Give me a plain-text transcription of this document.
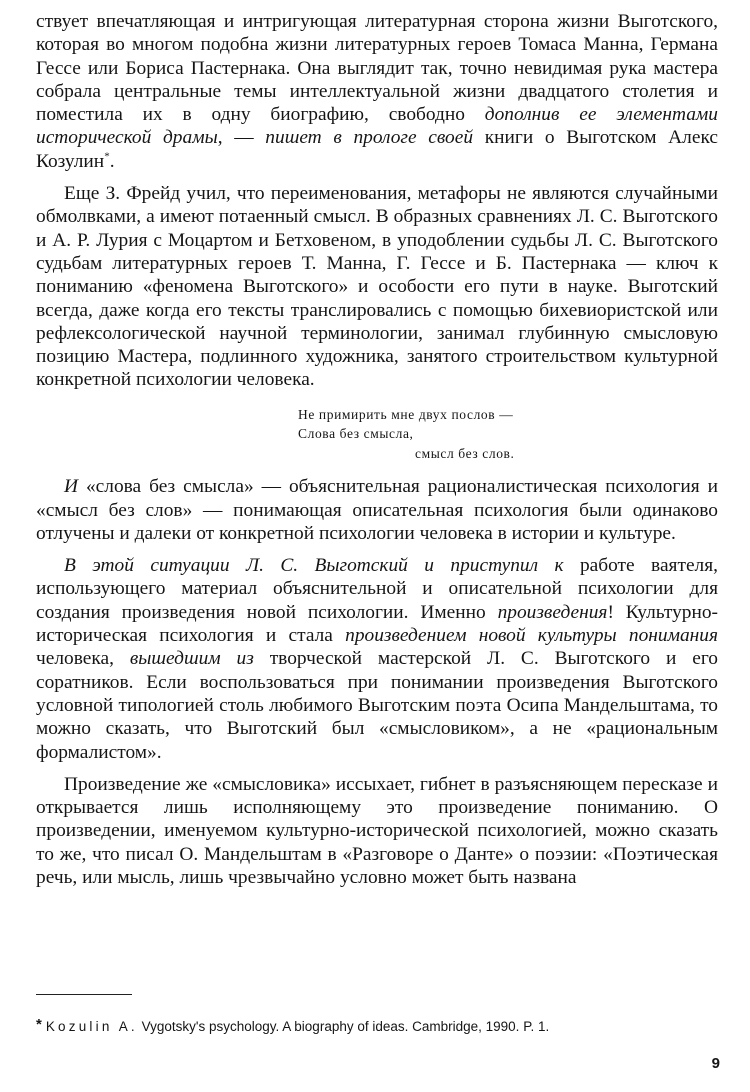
ствует впечатляющая и интригующая литературная сторона жизни Выготского, которая во многом подобна жизни литературных героев Томаса Манна, Германа Гессе или Бориса Пастернака. Она выглядит так, точно невидимая рука мастера собрала центральные темы интеллектуальной жизни двадцатого столетия и поместила их в одну биографию, свободно дополнив ее элементами исторической драмы, — пишет в прологе своей книги о Выготском Алекс Козулин*.

Еще З. Фрейд учил, что переименования, метафоры не являются случайными обмолвками, а имеют потаенный смысл. В образных сравнениях Л. С. Выготского и А. Р. Лурия с Моцартом и Бетховеном, в уподоблении судьбы Л. С. Выготского судьбам литературных героев Т. Манна, Г. Гессе и Б. Пастернака — ключ к пониманию «феномена Выготского» и особости его пути в науке. Выготский всегда, даже когда его тексты транслировались с помощью бихевиористской или рефлексологической научной терминологии, занимал глубинную смысловую позицию Мастера, подлинного художника, занятого строительством культурной конкретной психологии человека.

Не примирить мне двух послов —
Слова без смысла,
смысл без слов.

И «слова без смысла» — объяснительная рационалистическая психология и «смысл без слов» — понимающая описательная психология были одинаково отлучены и далеки от конкретной психологии человека в истории и культуре.

В этой ситуации Л. С. Выготский и приступил к работе ваятеля, использующего материал объяснительной и описательной психологии для создания произведения новой психологии. Именно произведения! Культурно-историческая психология и стала произведением новой культуры понимания человека, вышедшим из творческой мастерской Л. С. Выготского и его соратников. Если воспользоваться при понимании произведения Выготского условной типологией столь любимого Выготским поэта Осипа Мандельштама, то можно сказать, что Выготский был «смысловиком», а не «рациональным формалистом».

Произведение же «смысловика» иссыхает, гибнет в разъясняющем пересказе и открывается лишь исполняющему это произведение пониманию. О произведении, именуемом культурно-исторической психологией, можно сказать то же, что писал О. Мандельштам в «Разговоре о Данте» о поэзии: «Поэтическая речь, или мысль, лишь чрезвычайно условно может быть названа

* Kozulin A. Vygotsky's psychology. A biography of ideas. Cambridge, 1990. P. 1.
9
